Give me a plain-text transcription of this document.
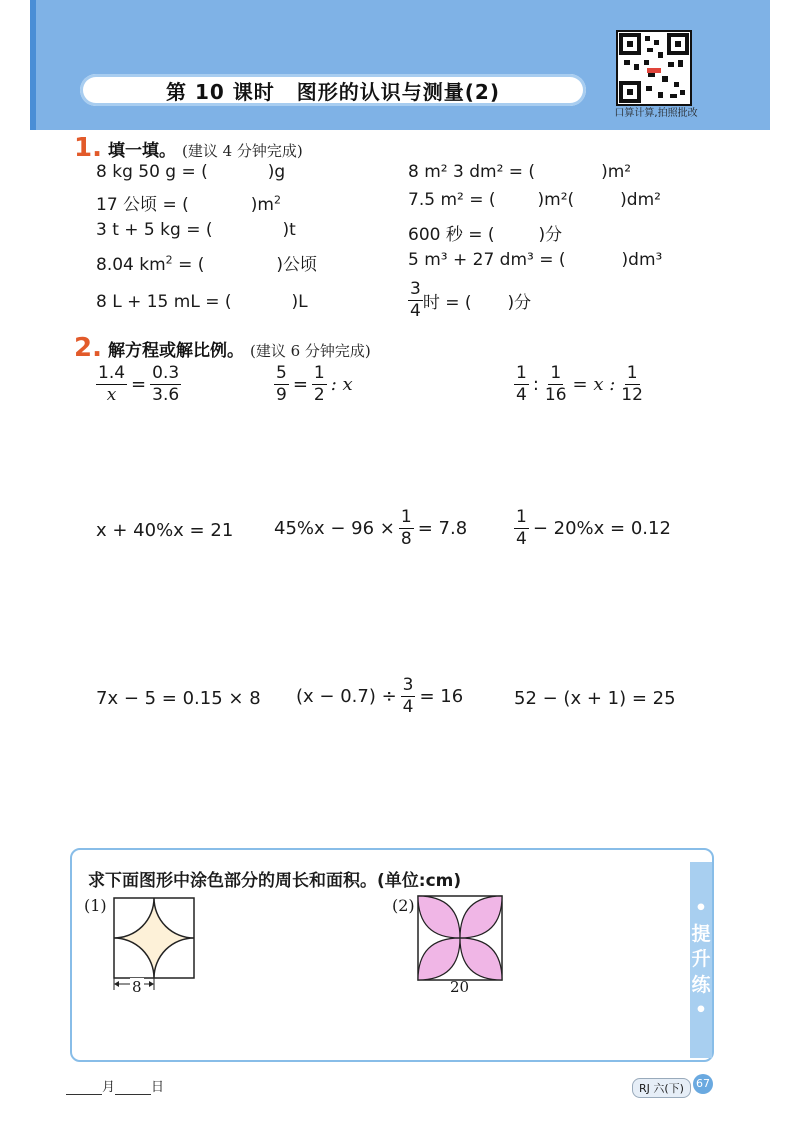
第 10 课时 图形的认识与测量(2)
口算计算,拍照批改
1. 填一填。 (建议 4 分钟完成)
8 kg 50 g = (	)g
17 公顷 = (	)$m^2$
3 t + 5 kg = (	)t
8.04 $km^2$ = (	)公顷
8 L + 15 mL = (	)L
8 m² 3 dm² = (	)m²
7.5 m² = ( )m²(	)dm²
600 秒 = (	)分
5 m³ + 27 dm³ = (	)dm³
$\frac{3}{4}$ 时 = ( )分
2. 解方程或解比例。 (建议 6 分钟完成)
$\frac{1.4}{x} = \frac{0.3}{3.6}$	$\frac{5}{9} = \frac{1}{2}$ : x	$\frac{1}{4}$ : $\frac{1}{16} = x$ : $\frac{1}{12}$
x + 40%x = 21 $45\%x - 96 \times \frac{1}{8} = 7.8$	$\frac{1}{4} - 20\%x = 0.12$
7x − 5 = 0.15 × 8 $(x - 0.7) \div \frac{3}{4} = 16$	52 − (x + 1) = 25
•
提
升
练
•
求下面图形中涂色部分的周长和面积。(单位:cm)
(1)
8
(2)
20
月	日	RJ 六(下)	67
